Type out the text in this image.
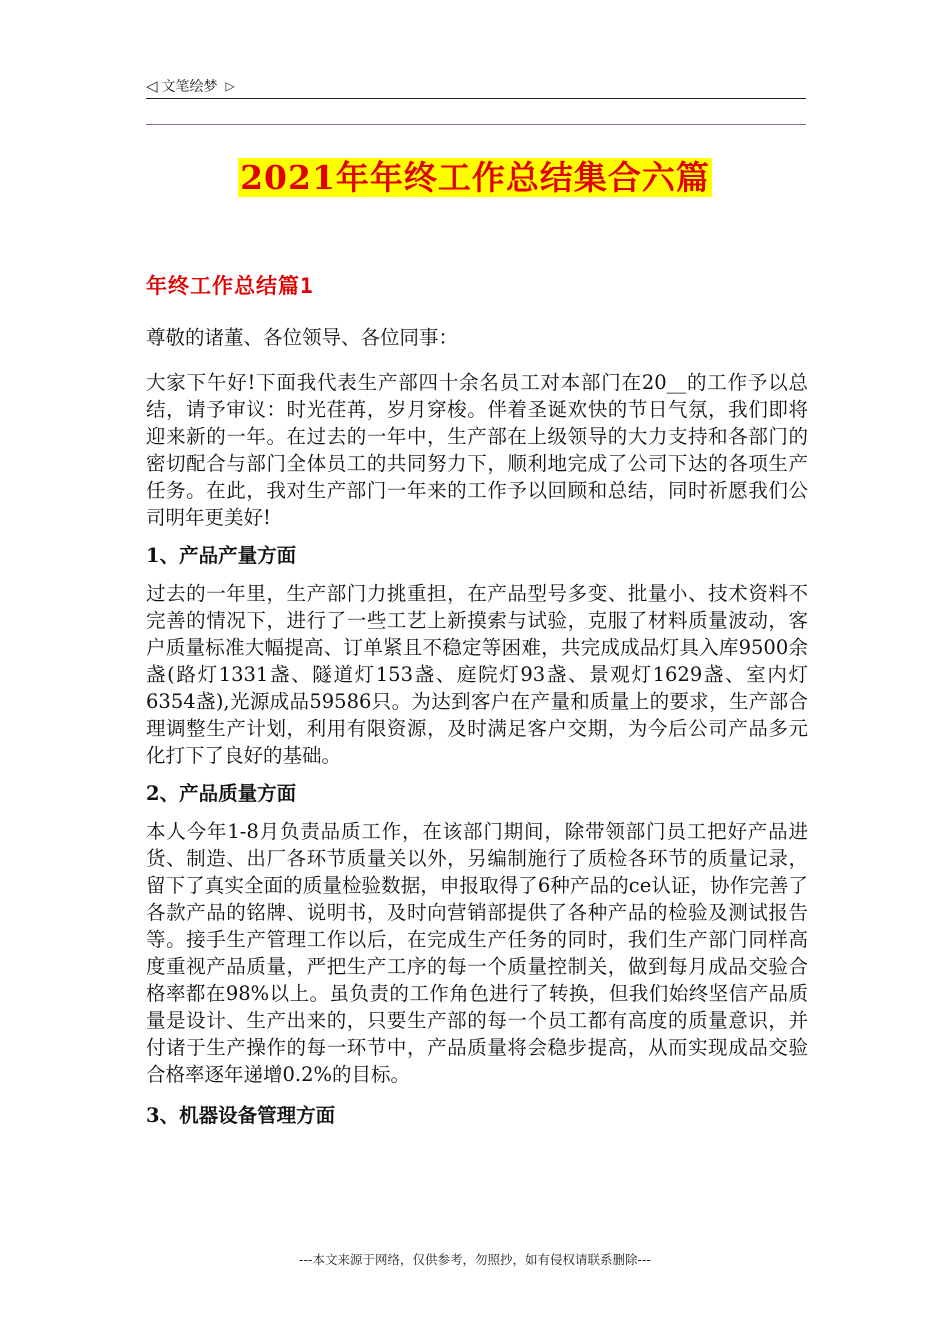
◁ 文笔绘梦 ▷
2021年年终工作总结集合六篇
年终工作总结篇1

尊敬的诸董、各位领导、各位同事：

大家下午好!下面我代表生产部四十余名员工对本部门在20__的工作予以总结，请予审议：时光荏苒，岁月穿梭。伴着圣诞欢快的节日气氛，我们即将迎来新的一年。在过去的一年中，生产部在上级领导的大力支持和各部门的密切配合与部门全体员工的共同努力下，顺利地完成了公司下达的各项生产任务。在此，我对生产部门一年来的工作予以回顾和总结，同时祈愿我们公司明年更美好!

1、产品产量方面

过去的一年里，生产部门力挑重担，在产品型号多变、批量小、技术资料不完善的情况下，进行了一些工艺上新摸索与试验，克服了材料质量波动，客户质量标准大幅提高、订单紧且不稳定等困难，共完成成品灯具入库9500余盏(路灯1331盏、隧道灯153盏、庭院灯93盏、景观灯1629盏、室内灯6354盏),光源成品59586只。为达到客户在产量和质量上的要求，生产部合理调整生产计划，利用有限资源，及时满足客户交期，为今后公司产品多元化打下了良好的基础。

2、产品质量方面

本人今年1-8月负责品质工作，在该部门期间，除带领部门员工把好产品进货、制造、出厂各环节质量关以外，另编制施行了质检各环节的质量记录，留下了真实全面的质量检验数据，申报取得了6种产品的ce认证，协作完善了各款产品的铭牌、说明书，及时向营销部提供了各种产品的检验及测试报告等。接手生产管理工作以后，在完成生产任务的同时，我们生产部门同样高度重视产品质量，严把生产工序的每一个质量控制关，做到每月成品交验合格率都在98%以上。虽负责的工作角色进行了转换，但我们始终坚信产品质量是设计、生产出来的，只要生产部的每一个员工都有高度的质量意识，并付诸于生产操作的每一环节中，产品质量将会稳步提高，从而实现成品交验合格率逐年递增0.2%的目标。

3、机器设备管理方面
---本文来源于网络，仅供参考，勿照抄，如有侵权请联系删除---
